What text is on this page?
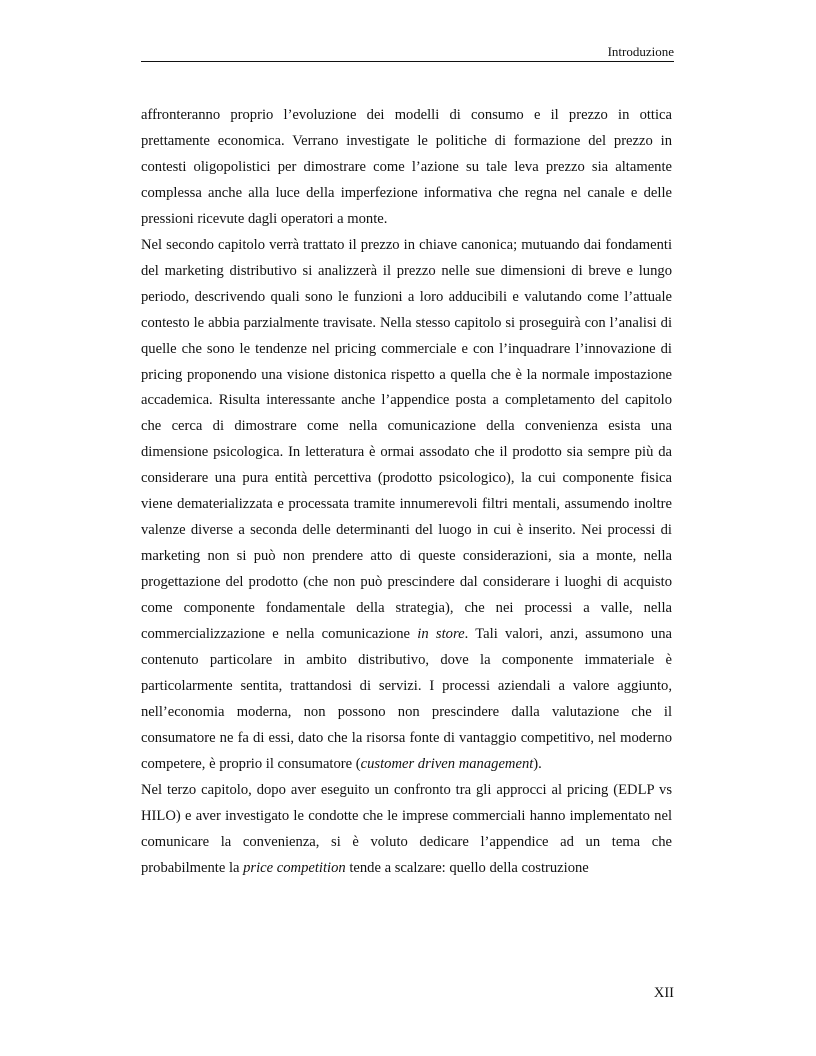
Introduzione

affronteranno proprio l’evoluzione dei modelli di consumo e il prezzo in ottica prettamente economica. Verrano investigate le politiche di formazione del prezzo in contesti oligopolistici per dimostrare come l’azione su tale leva prezzo sia altamente complessa anche alla luce della imperfezione informativa che regna nel canale e delle pressioni ricevute dagli operatori a monte.

Nel secondo capitolo verrà trattato il prezzo in chiave canonica; mutuando dai fondamenti del marketing distributivo si analizzerà il prezzo nelle sue dimensioni di breve e lungo periodo, descrivendo quali sono le funzioni a loro adducibili e valutando come l’attuale contesto le abbia parzialmente travisate. Nella stesso capitolo si proseguirà con l’analisi di quelle che sono le tendenze nel pricing commerciale e con l’inquadrare l’innovazione di pricing proponendo una visione distonica rispetto a quella che è la normale impostazione accademica. Risulta interessante anche l’appendice posta a completamento del capitolo che cerca di dimostrare come nella comunicazione della convenienza esista una dimensione psicologica. In letteratura è ormai assodato che il prodotto sia sempre più da considerare una pura entità percettiva (prodotto psicologico), la cui componente fisica viene dematerializzata e processata tramite innumerevoli filtri mentali, assumendo inoltre valenze diverse a seconda delle determinanti del luogo in cui è inserito. Nei processi di marketing non si può non prendere atto di queste considerazioni, sia a monte, nella progettazione del prodotto (che non può prescindere dal considerare i luoghi di acquisto come componente fondamentale della strategia), che nei processi a valle, nella commercializzazione e nella comunicazione in store. Tali valori, anzi, assumono una contenuto particolare in ambito distributivo, dove la componente immateriale è particolarmente sentita, trattandosi di servizi. I processi aziendali a valore aggiunto, nell’economia moderna, non possono non prescindere dalla valutazione che il consumatore ne fa di essi, dato che la risorsa fonte di vantaggio competitivo, nel moderno competere, è proprio il consumatore (customer driven management).

Nel terzo capitolo, dopo aver eseguito un confronto tra gli approcci al pricing (EDLP vs HILO) e aver investigato le condotte che le imprese commerciali hanno implementato nel comunicare la convenienza, si è voluto dedicare l’appendice ad un tema che probabilmente la price competition tende a scalzare: quello della costruzione

XII
